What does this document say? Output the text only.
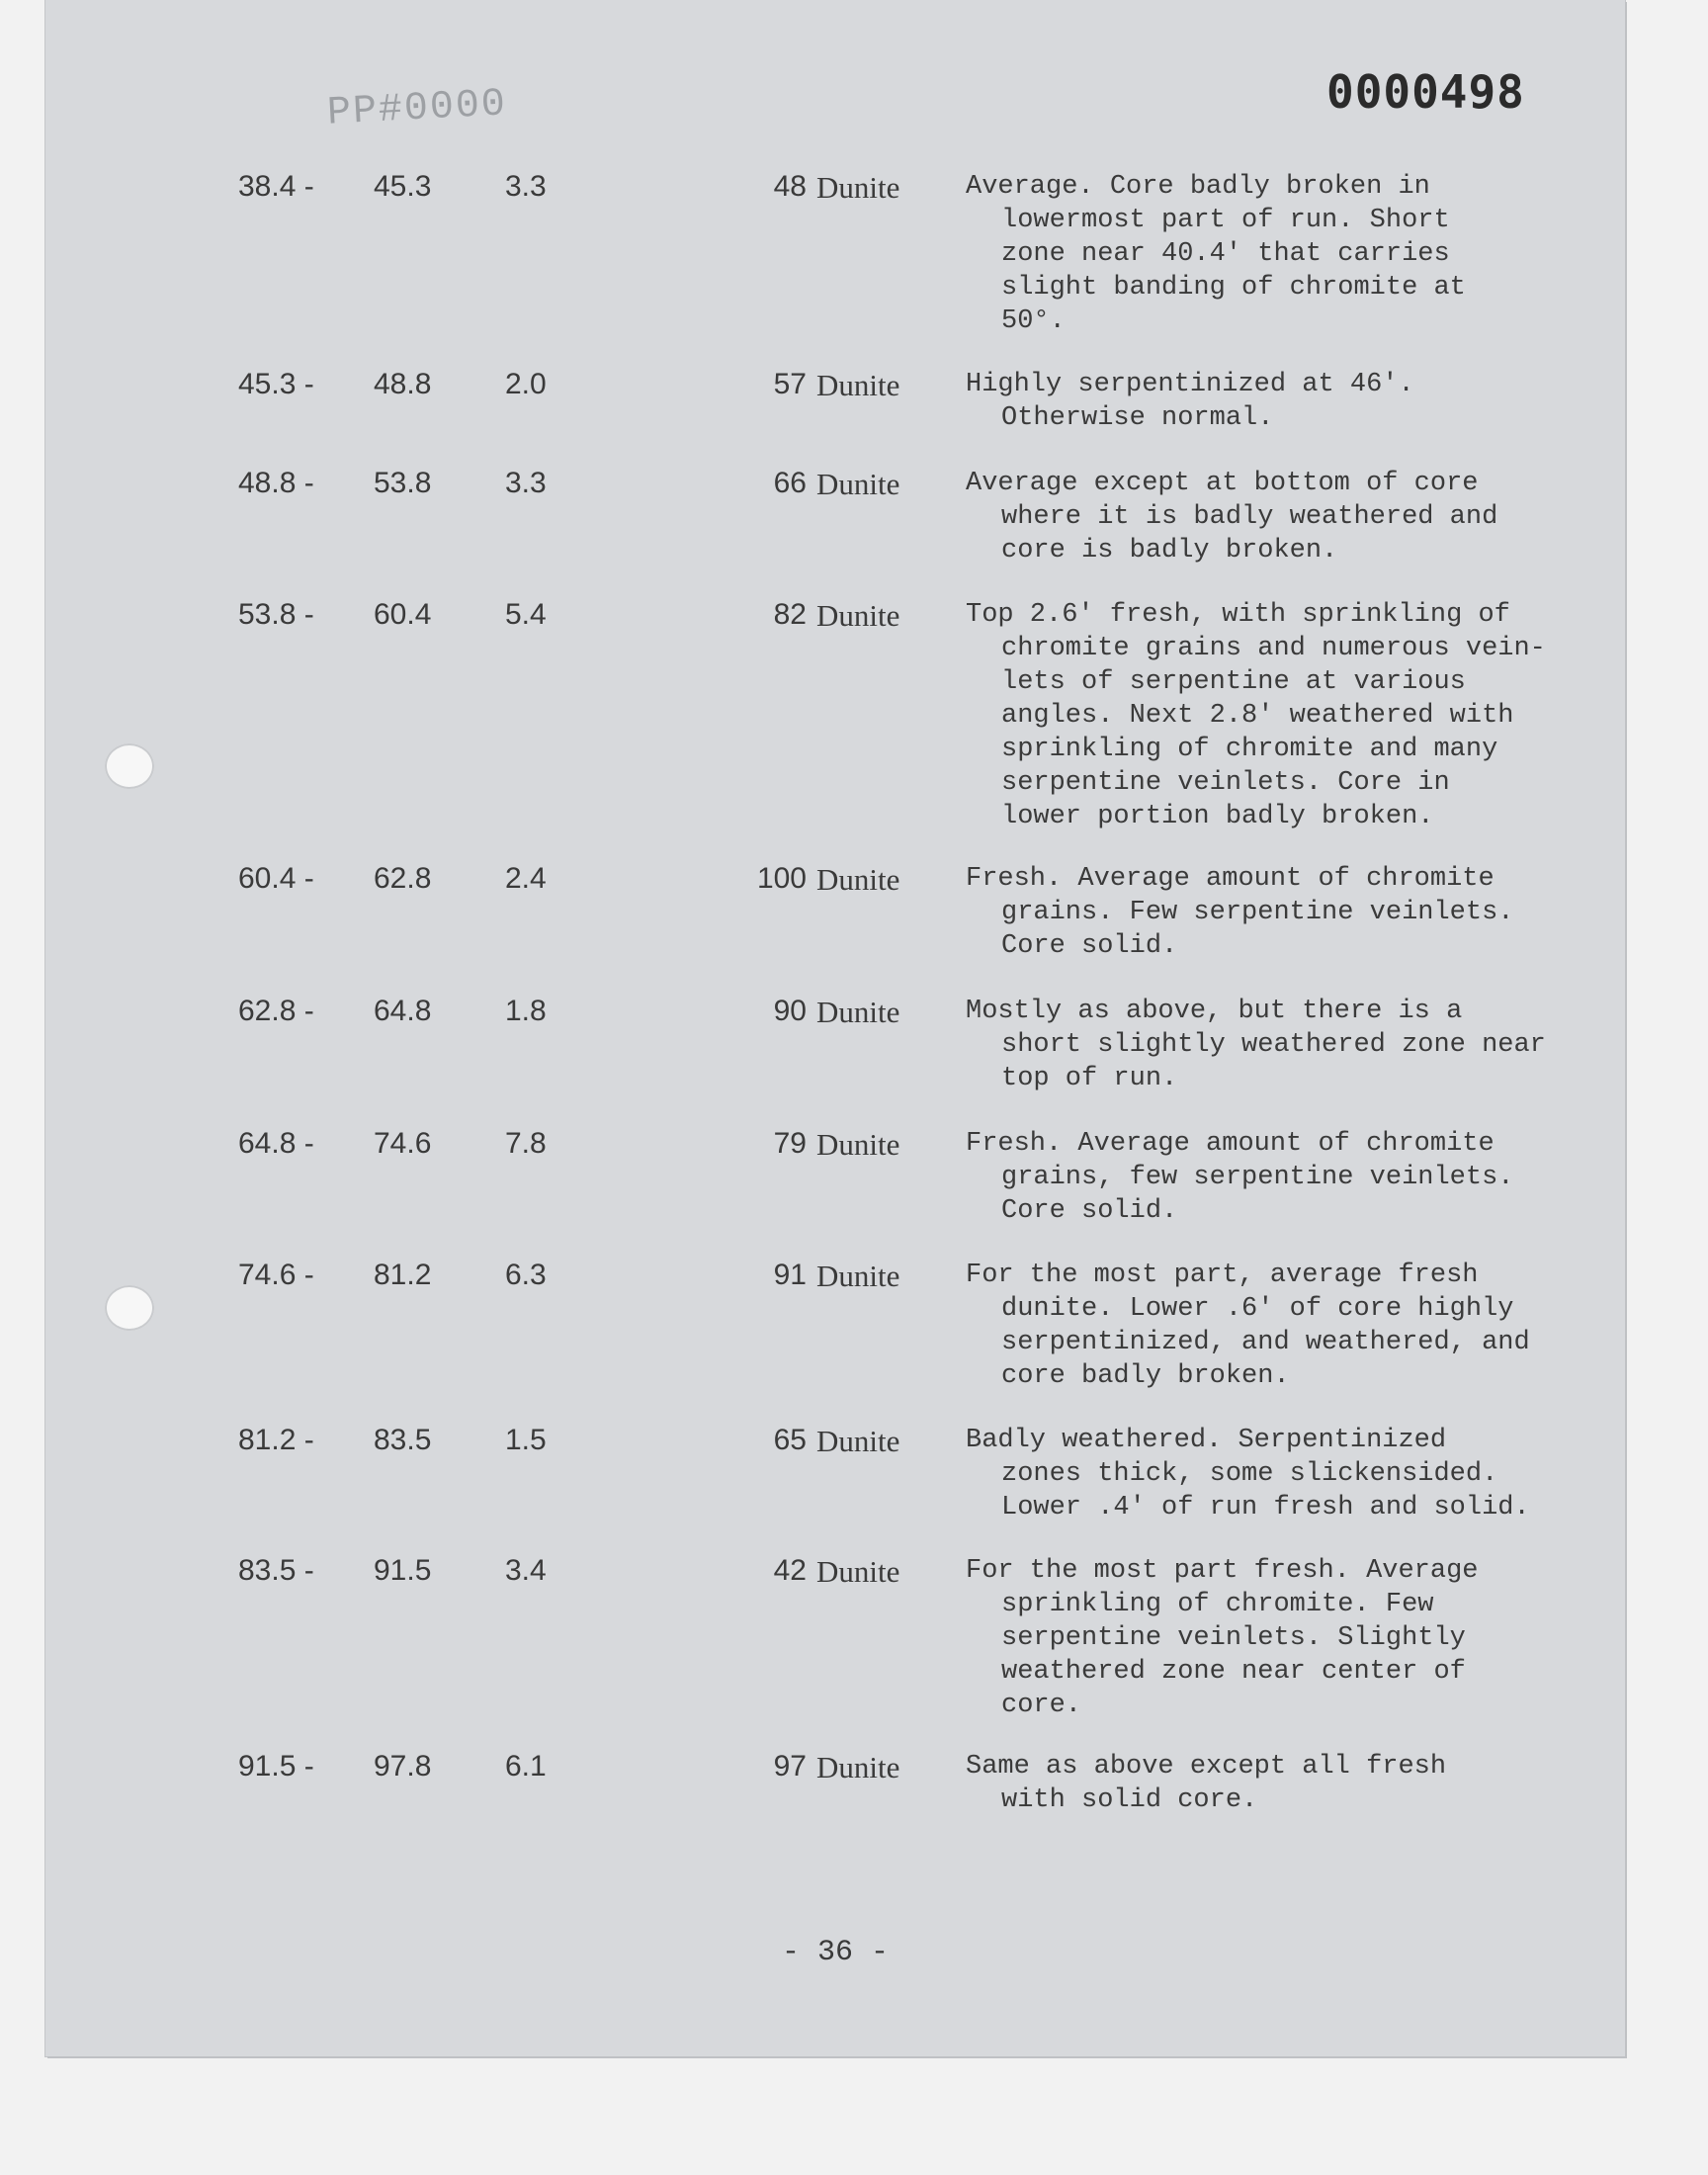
PP#0000	0000498
38.4 - 45.3 3.3	48 Dunite Average. Core badly broken in
lowermost part of run. Short
zone near 40.4' that carries
slight banding of chromite at
50°.
45.3 - 48.8 2.0	57 Dunite Highly serpentinized at 46'.
Otherwise normal.
48.8 - 53.8 3.3	66 Dunite Average except at bottom of core
where it is badly weathered and
core is badly broken.
53.8 - 60.4 5.4	82 Dunite Top 2.6' fresh, with sprinkling of
chromite grains and numerous vein-
lets of serpentine at various
angles. Next 2.8' weathered with
sprinkling of chromite and many
serpentine veinlets. Core in
lower portion badly broken.
60.4 - 62.8 2.4	100 Dunite Fresh. Average amount of chromite
grains. Few serpentine veinlets.
Core solid.
62.8 - 64.8 1.8	90 Dunite Mostly as above, but there is a
short slightly weathered zone near
top of run.
64.8 - 74.6 7.8	79 Dunite Fresh. Average amount of chromite
grains, few serpentine veinlets.
Core solid.
74.6 - 81.2 6.3	91 Dunite For the most part, average fresh
dunite. Lower .6' of core highly
serpentinized, and weathered, and
core badly broken.
81.2 - 83.5 1.5	65 Dunite Badly weathered. Serpentinized
zones thick, some slickensided.
Lower .4' of run fresh and solid.
83.5 - 91.5 3.4	42 Dunite For the most part fresh. Average
sprinkling of chromite. Few
serpentine veinlets. Slightly
weathered zone near center of
core.
91.5 - 97.8 6.1	97 Dunite Same as above except all fresh
with solid core.
- 36 -
